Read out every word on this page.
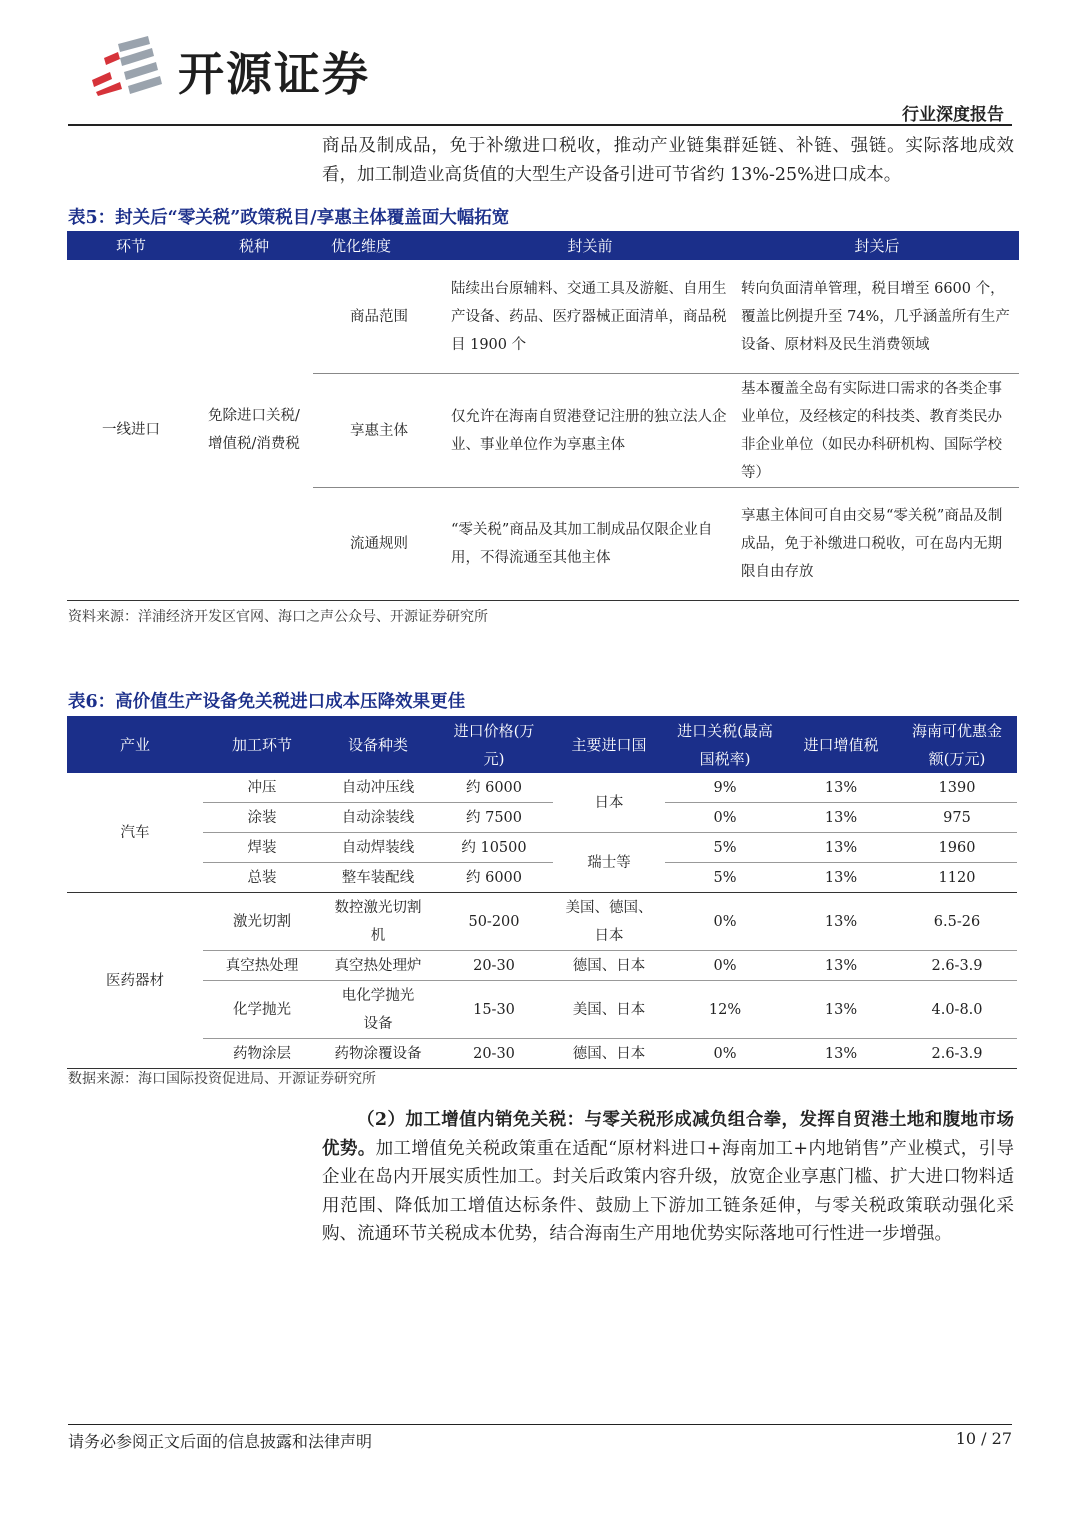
开源证券
行业深度报告

商品及制成品，免于补缴进口税收，推动产业链集群延链、补链、强链。实际落地成效看，加工制造业高货值的大型生产设备引进可节省约 13%-25%进口成本。

表5：封关后“零关税”政策税目/享惠主体覆盖面大幅拓宽
环节	税种	优化维度	封关前	封关后
一线进口	免除进口关税/增值税/消费税	商品范围	陆续出台原辅料、交通工具及游艇、自用生产设备、药品、医疗器械正面清单，商品税目 1900 个	转向负面清单管理，税目增至 6600 个，覆盖比例提升至 74%，几乎涵盖所有生产设备、原材料及民生消费领域
		享惠主体	仅允许在海南自贸港登记注册的独立法人企业、事业单位作为享惠主体	基本覆盖全岛有实际进口需求的各类企事业单位，及经核定的科技类、教育类民办非企业单位（如民办科研机构、国际学校等）
		流通规则	“零关税”商品及其加工制成品仅限企业自用，不得流通至其他主体	享惠主体间可自由交易“零关税”商品及制成品，免于补缴进口税收，可在岛内无期限自由存放
资料来源：洋浦经济开发区官网、海口之声公众号、开源证券研究所
表6：高价值生产设备免关税进口成本压降效果更佳
产业	加工环节	设备种类	进口价格(万元)	主要进口国	进口关税(最高国税率)	进口增值税	海南可优惠金额(万元)
汽车	冲压	自动冲压线	约 6000	日本	9%	13%	1390
	涂装	自动涂装线	约 7500		0%	13%	975
	焊装	自动焊装线	约 10500	瑞士等	5%	13%	1960
	总装	整车装配线	约 6000		5%	13%	1120
医药器材	激光切割	数控激光切割机	50-200	美国、德国、日本	0%	13%	6.5-26
	真空热处理	真空热处理炉	20-30	德国、日本	0%	13%	2.6-3.9
	化学抛光	电化学抛光设备	15-30	美国、日本	12%	13%	4.0-8.0
	药物涂层	药物涂覆设备	20-30	德国、日本	0%	13%	2.6-3.9
数据来源：海口国际投资促进局、开源证券研究所

（2）加工增值内销免关税：与零关税形成减负组合拳，发挥自贸港土地和腹地市场优势。加工增值免关税政策重在适配“原材料进口+海南加工+内地销售”产业模式，引导企业在岛内开展实质性加工。封关后政策内容升级，放宽企业享惠门槛、扩大进口物料适用范围、降低加工增值达标条件、鼓励上下游加工链条延伸，与零关税政策联动强化采购、流通环节关税成本优势，结合海南生产用地优势实际落地可行性进一步增强。

请务必参阅正文后面的信息披露和法律声明	10 / 27
